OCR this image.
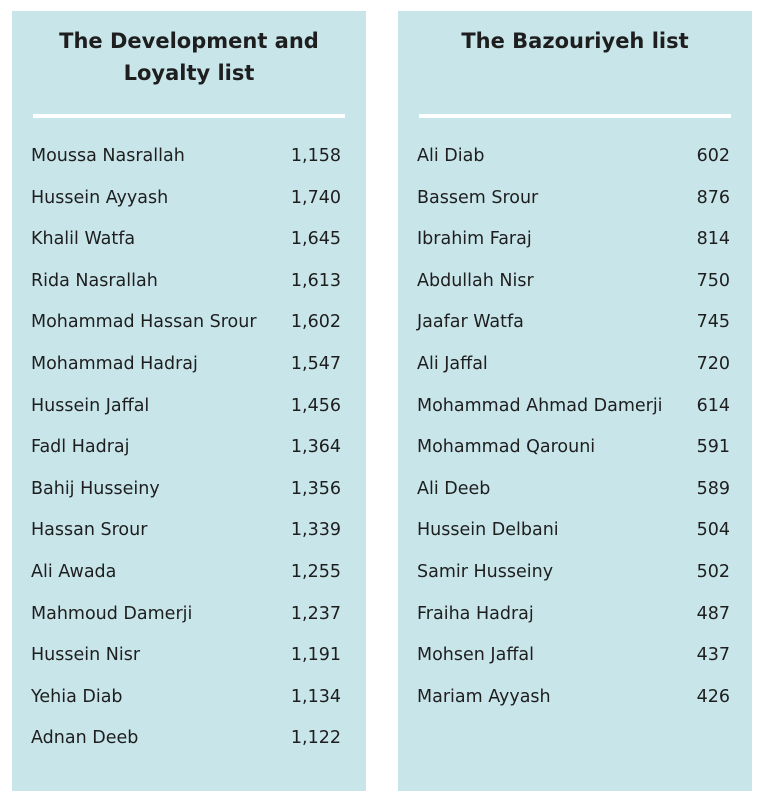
The Development and
Loyalty list
Moussa Nasrallah	1,158
Hussein Ayyash	1,740
Khalil Watfa	1,645
Rida Nasrallah	1,613
Mohammad Hassan Srour 1,602
Mohammad Hadraj	1,547
Hussein Jaffal	1,456
Fadl Hadraj	1,364
Bahij Husseiny	1,356
Hassan Srour	1,339
Ali Awada	1,255
Mahmoud Damerji	1,237
Hussein Nisr	1,191
Yehia Diab	1,134
Adnan Deeb	1,122
The Bazouriyeh list
Ali Diab	602
Bassem Srour	876
Ibrahim Faraj	814
Abdullah Nisr	750
Jaafar Watfa	745
Ali Jaffal	720
Mohammad Ahmad Damerji 614
Mohammad Qarouni	591
Ali Deeb	589
Hussein Delbani	504
Samir Husseiny	502
Fraiha Hadraj	487
Mohsen Jaffal	437
Mariam Ayyash	426
